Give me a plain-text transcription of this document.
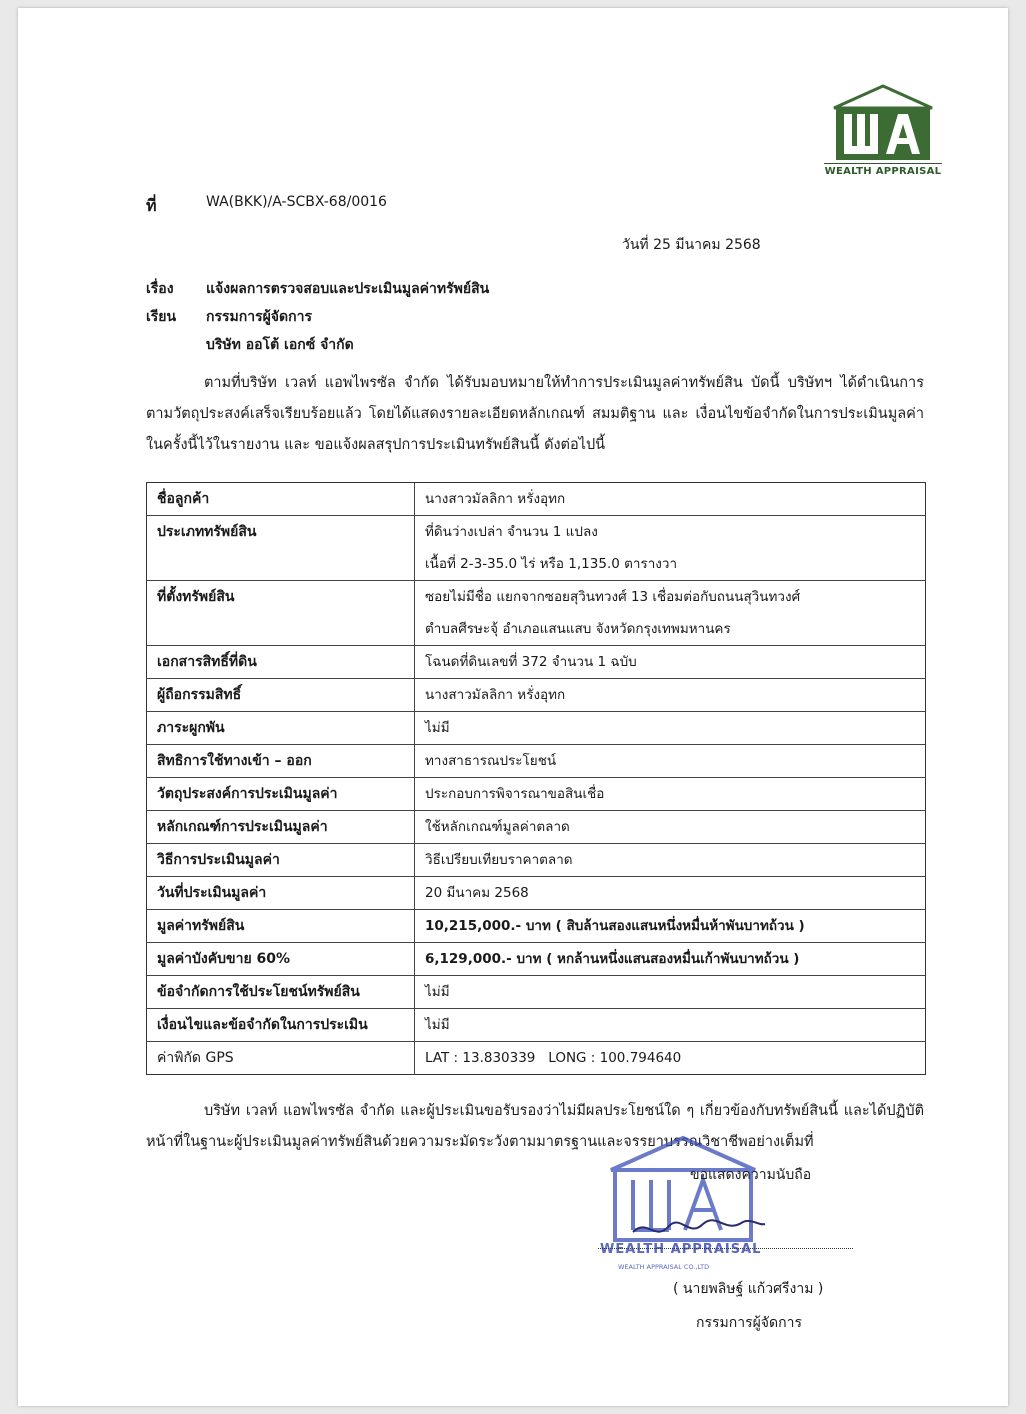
WEALTH APPRAISAL
ที่	WA(BKK)/A-SCBX-68/0016
วันที่ 25 มีนาคม 2568
เรื่อง แจ้งผลการตรวจสอบและประเมินมูลค่าทรัพย์สิน
เรียน กรรมการผู้จัดการ
บริษัท ออโต้ เอกซ์ จำกัด
ตามที่บริษัท เวลท์ แอพไพรซัล จำกัด ได้รับมอบหมายให้ทำการประเมินมูลค่าทรัพย์สิน บัดนี้ บริษัทฯ ได้ดำเนินการตามวัตถุประสงค์เสร็จเรียบร้อยแล้ว โดยได้แสดงรายละเอียดหลักเกณฑ์ สมมติฐาน และ เงื่อนไขข้อจำกัดในการประเมินมูลค่าในครั้งนี้ไว้ในรายงาน และ ขอแจ้งผลสรุปการประเมินทรัพย์สินนี้ ดังต่อไปนี้
ชื่อลูกค้า	นางสาวมัลลิกา หรั่งอุทก
ประเภททรัพย์สิน	ที่ดินว่างเปล่า จำนวน 1 แปลง
เนื้อที่ 2-3-35.0 ไร่ หรือ 1,135.0 ตารางวา
ที่ตั้งทรัพย์สิน	ซอยไม่มีชื่อ แยกจากซอยสุวินทวงศ์ 13 เชื่อมต่อกับถนนสุวินทวงศ์
ตำบลศีรษะจุ้ อำเภอแสนแสบ จังหวัดกรุงเทพมหานคร
เอกสารสิทธิ์ที่ดิน	โฉนดที่ดินเลขที่ 372 จำนวน 1 ฉบับ
ผู้ถือกรรมสิทธิ์	นางสาวมัลลิกา หรั่งอุทก
ภาระผูกพัน	ไม่มี
สิทธิการใช้ทางเข้า – ออก	ทางสาธารณประโยชน์
วัตถุประสงค์การประเมินมูลค่า	ประกอบการพิจารณาขอสินเชื่อ
หลักเกณฑ์การประเมินมูลค่า	ใช้หลักเกณฑ์มูลค่าตลาด
วิธีการประเมินมูลค่า	วิธีเปรียบเทียบราคาตลาด
วันที่ประเมินมูลค่า	20 มีนาคม 2568
มูลค่าทรัพย์สิน	10,215,000.- บาท ( สิบล้านสองแสนหนึ่งหมื่นห้าพันบาทถ้วน )
มูลค่าบังคับขาย 60%	6,129,000.- บาท ( หกล้านหนึ่งแสนสองหมื่นเก้าพันบาทถ้วน )
ข้อจำกัดการใช้ประโยชน์ทรัพย์สิน	ไม่มี
เงื่อนไขและข้อจำกัดในการประเมิน	ไม่มี
ค่าพิกัด GPS	LAT : 13.830339   LONG : 100.794640
บริษัท เวลท์ แอพไพรซัล จำกัด และผู้ประเมินขอรับรองว่าไม่มีผลประโยชน์ใด ๆ เกี่ยวข้องกับทรัพย์สินนี้ และได้ปฏิบัติหน้าที่ในฐานะผู้ประเมินมูลค่าทรัพย์สินด้วยความระมัดระวังตามมาตรฐานและจรรยาบรรณวิชาชีพอย่างเต็มที่
WEALTH APPRAISAL
WEALTH APPRAISAL CO.,LTD
ขอแสดงความนับถือ
( นายพลิษฐ์ แก้วศรีงาม )
กรรมการผู้จัดการ
